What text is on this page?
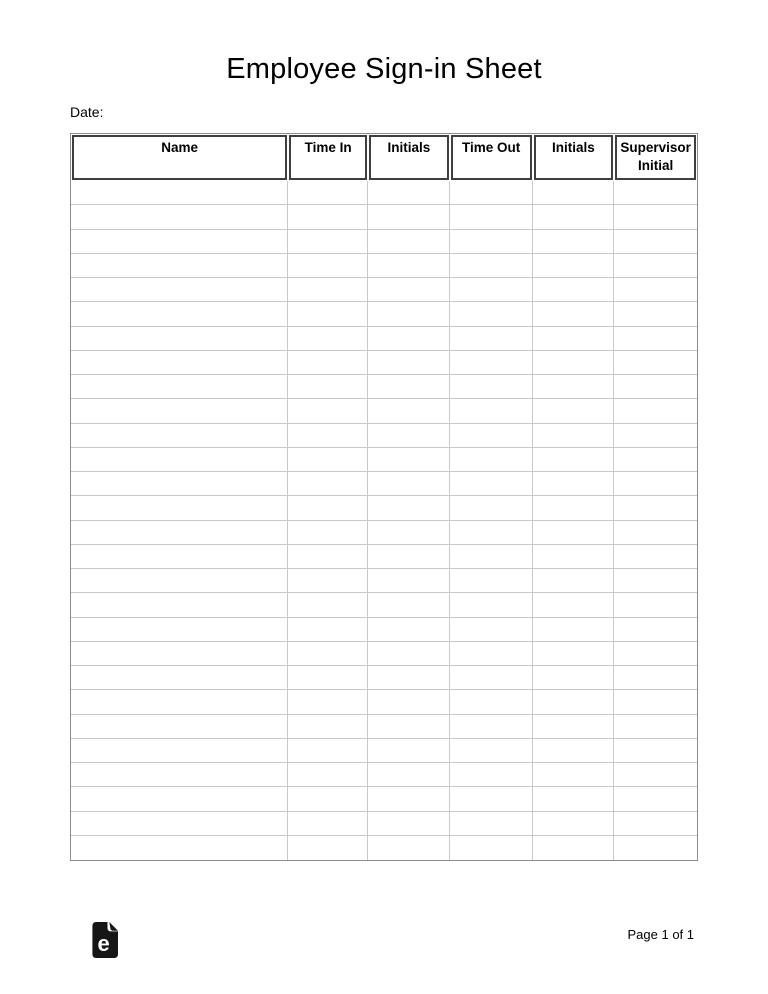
Employee Sign-in Sheet
Date:
Name	Time In	Initials	Time Out	Initials	Supervisor Initial
e	Page 1 of 1
